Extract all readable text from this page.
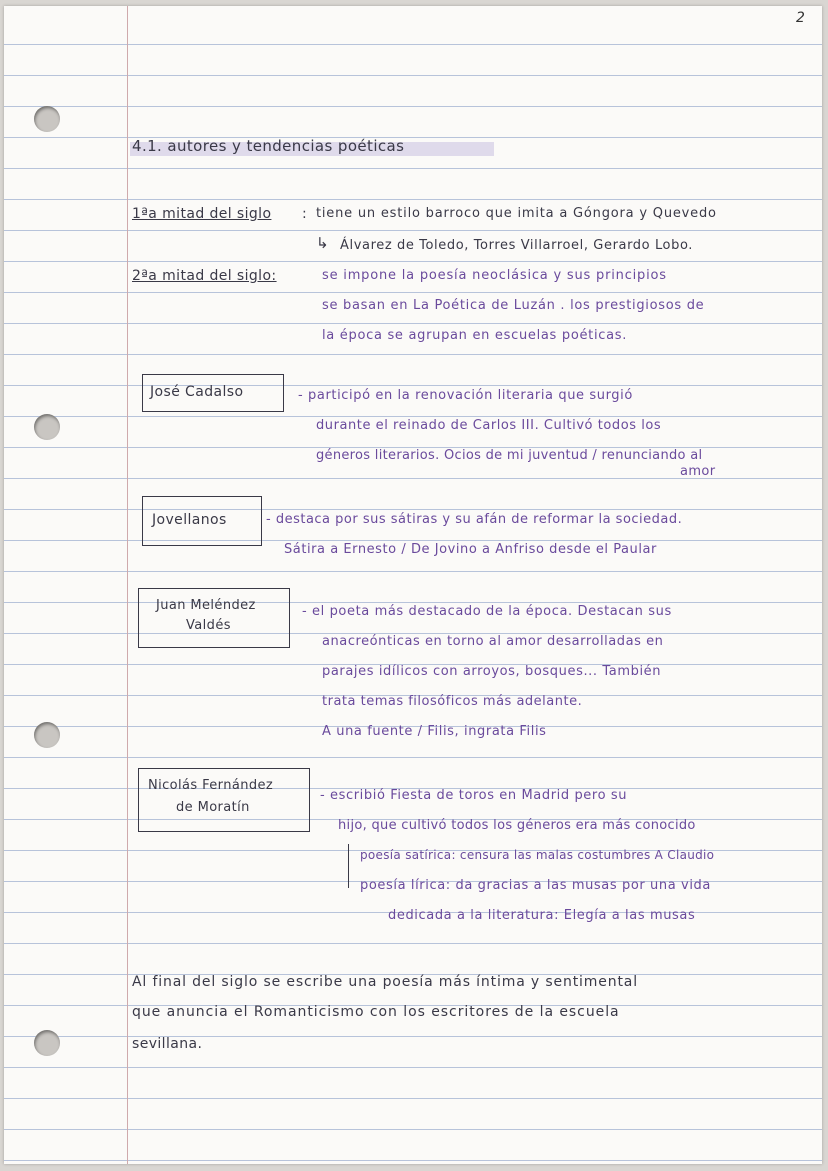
2
4.1. autores y tendencias poéticas
1ªa mitad del siglo : tiene un estilo barroco que imita a Góngora y Quevedo
↳ Álvarez de Toledo, Torres Villarroel, Gerardo Lobo.
2ªa mitad del siglo:	se impone la poesía neoclásica y sus principios
se basan en La Poética de Luzán . los prestigiosos de
la época se agrupan en escuelas poéticas.
José Cadalso	- participó en la renovación literaria que surgió
durante el reinado de Carlos III. Cultivó todos los
géneros literarios. Ocios de mi juventud / renunciando al
amor
Jovellanos	- destaca por sus sátiras y su afán de reformar la sociedad.
Sátira a Ernesto / De Jovino a Anfriso desde el Paular
Juan Meléndez
Valdés
- el poeta más destacado de la época. Destacan sus
anacreónticas en torno al amor desarrolladas en
parajes idílicos con arroyos, bosques... También
trata temas filosóficos más adelante.
A una fuente / Filis, ingrata Filis
Nicolás Fernández
de Moratín
- escribió Fiesta de toros en Madrid pero su
hijo, que cultivó todos los géneros era más conocido
poesía satírica: censura las malas costumbres A Claudio
poesía lírica: da gracias a las musas por una vida
dedicada a la literatura: Elegía a las musas
Al final del siglo se escribe una poesía más íntima y sentimental
que anuncia el Romanticismo con los escritores de la escuela
sevillana.
